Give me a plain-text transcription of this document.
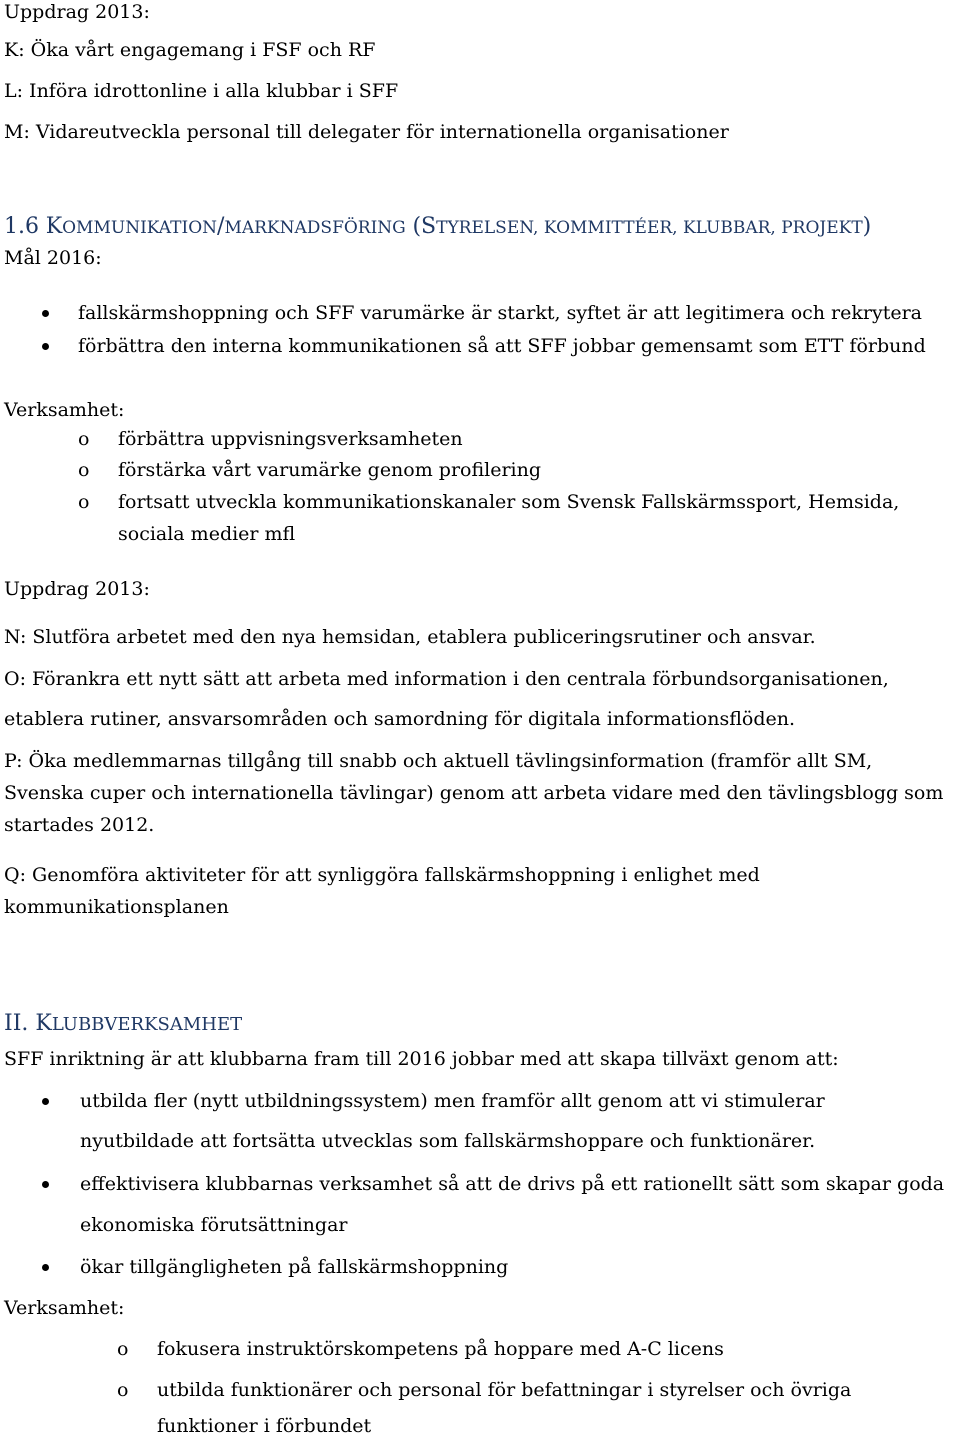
Uppdrag 2013:

K: Öka vårt engagemang i FSF och RF

L: Införa idrottonline i alla klubbar i SFF

M: Vidareutveckla personal till delegater för internationella organisationer

1.6 KOMMUNIKATION/MARKNADSFÖRING (STYRELSEN, KOMMITTÉER, KLUBBAR, PROJEKT)

Mål 2016:

fallskärmshoppning och SFF varumärke är starkt, syftet är att legitimera och rekrytera

förbättra den interna kommunikationen så att SFF jobbar gemensamt som ETT förbund

Verksamhet:

o förbättra uppvisningsverksamheten

o förstärka vårt varumärke genom profilering

o fortsatt utveckla kommunikationskanaler som Svensk Fallskärmssport, Hemsida,

sociala medier mfl

Uppdrag 2013:

N: Slutföra arbetet med den nya hemsidan, etablera publiceringsrutiner och ansvar.

O: Förankra ett nytt sätt att arbeta med information i den centrala förbundsorganisationen,

etablera rutiner, ansvarsområden och samordning för digitala informationsflöden.

P: Öka medlemmarnas tillgång till snabb och aktuell tävlingsinformation (framför allt SM,

Svenska cuper och internationella tävlingar) genom att arbeta vidare med den tävlingsblogg som

startades 2012.

Q: Genomföra aktiviteter för att synliggöra fallskärmshoppning i enlighet med

kommunikationsplanen

II. KLUBBVERKSAMHET

SFF inriktning är att klubbarna fram till 2016 jobbar med att skapa tillväxt genom att:

utbilda fler (nytt utbildningssystem) men framför allt genom att vi stimulerar

nyutbildade att fortsätta utvecklas som fallskärmshoppare och funktionärer.

effektivisera klubbarnas verksamhet så att de drivs på ett rationellt sätt som skapar goda

ekonomiska förutsättningar

ökar tillgängligheten på fallskärmshoppning

Verksamhet:

o fokusera instruktörskompetens på hoppare med A-C licens

o utbilda funktionärer och personal för befattningar i styrelser och övriga

funktioner i förbundet
